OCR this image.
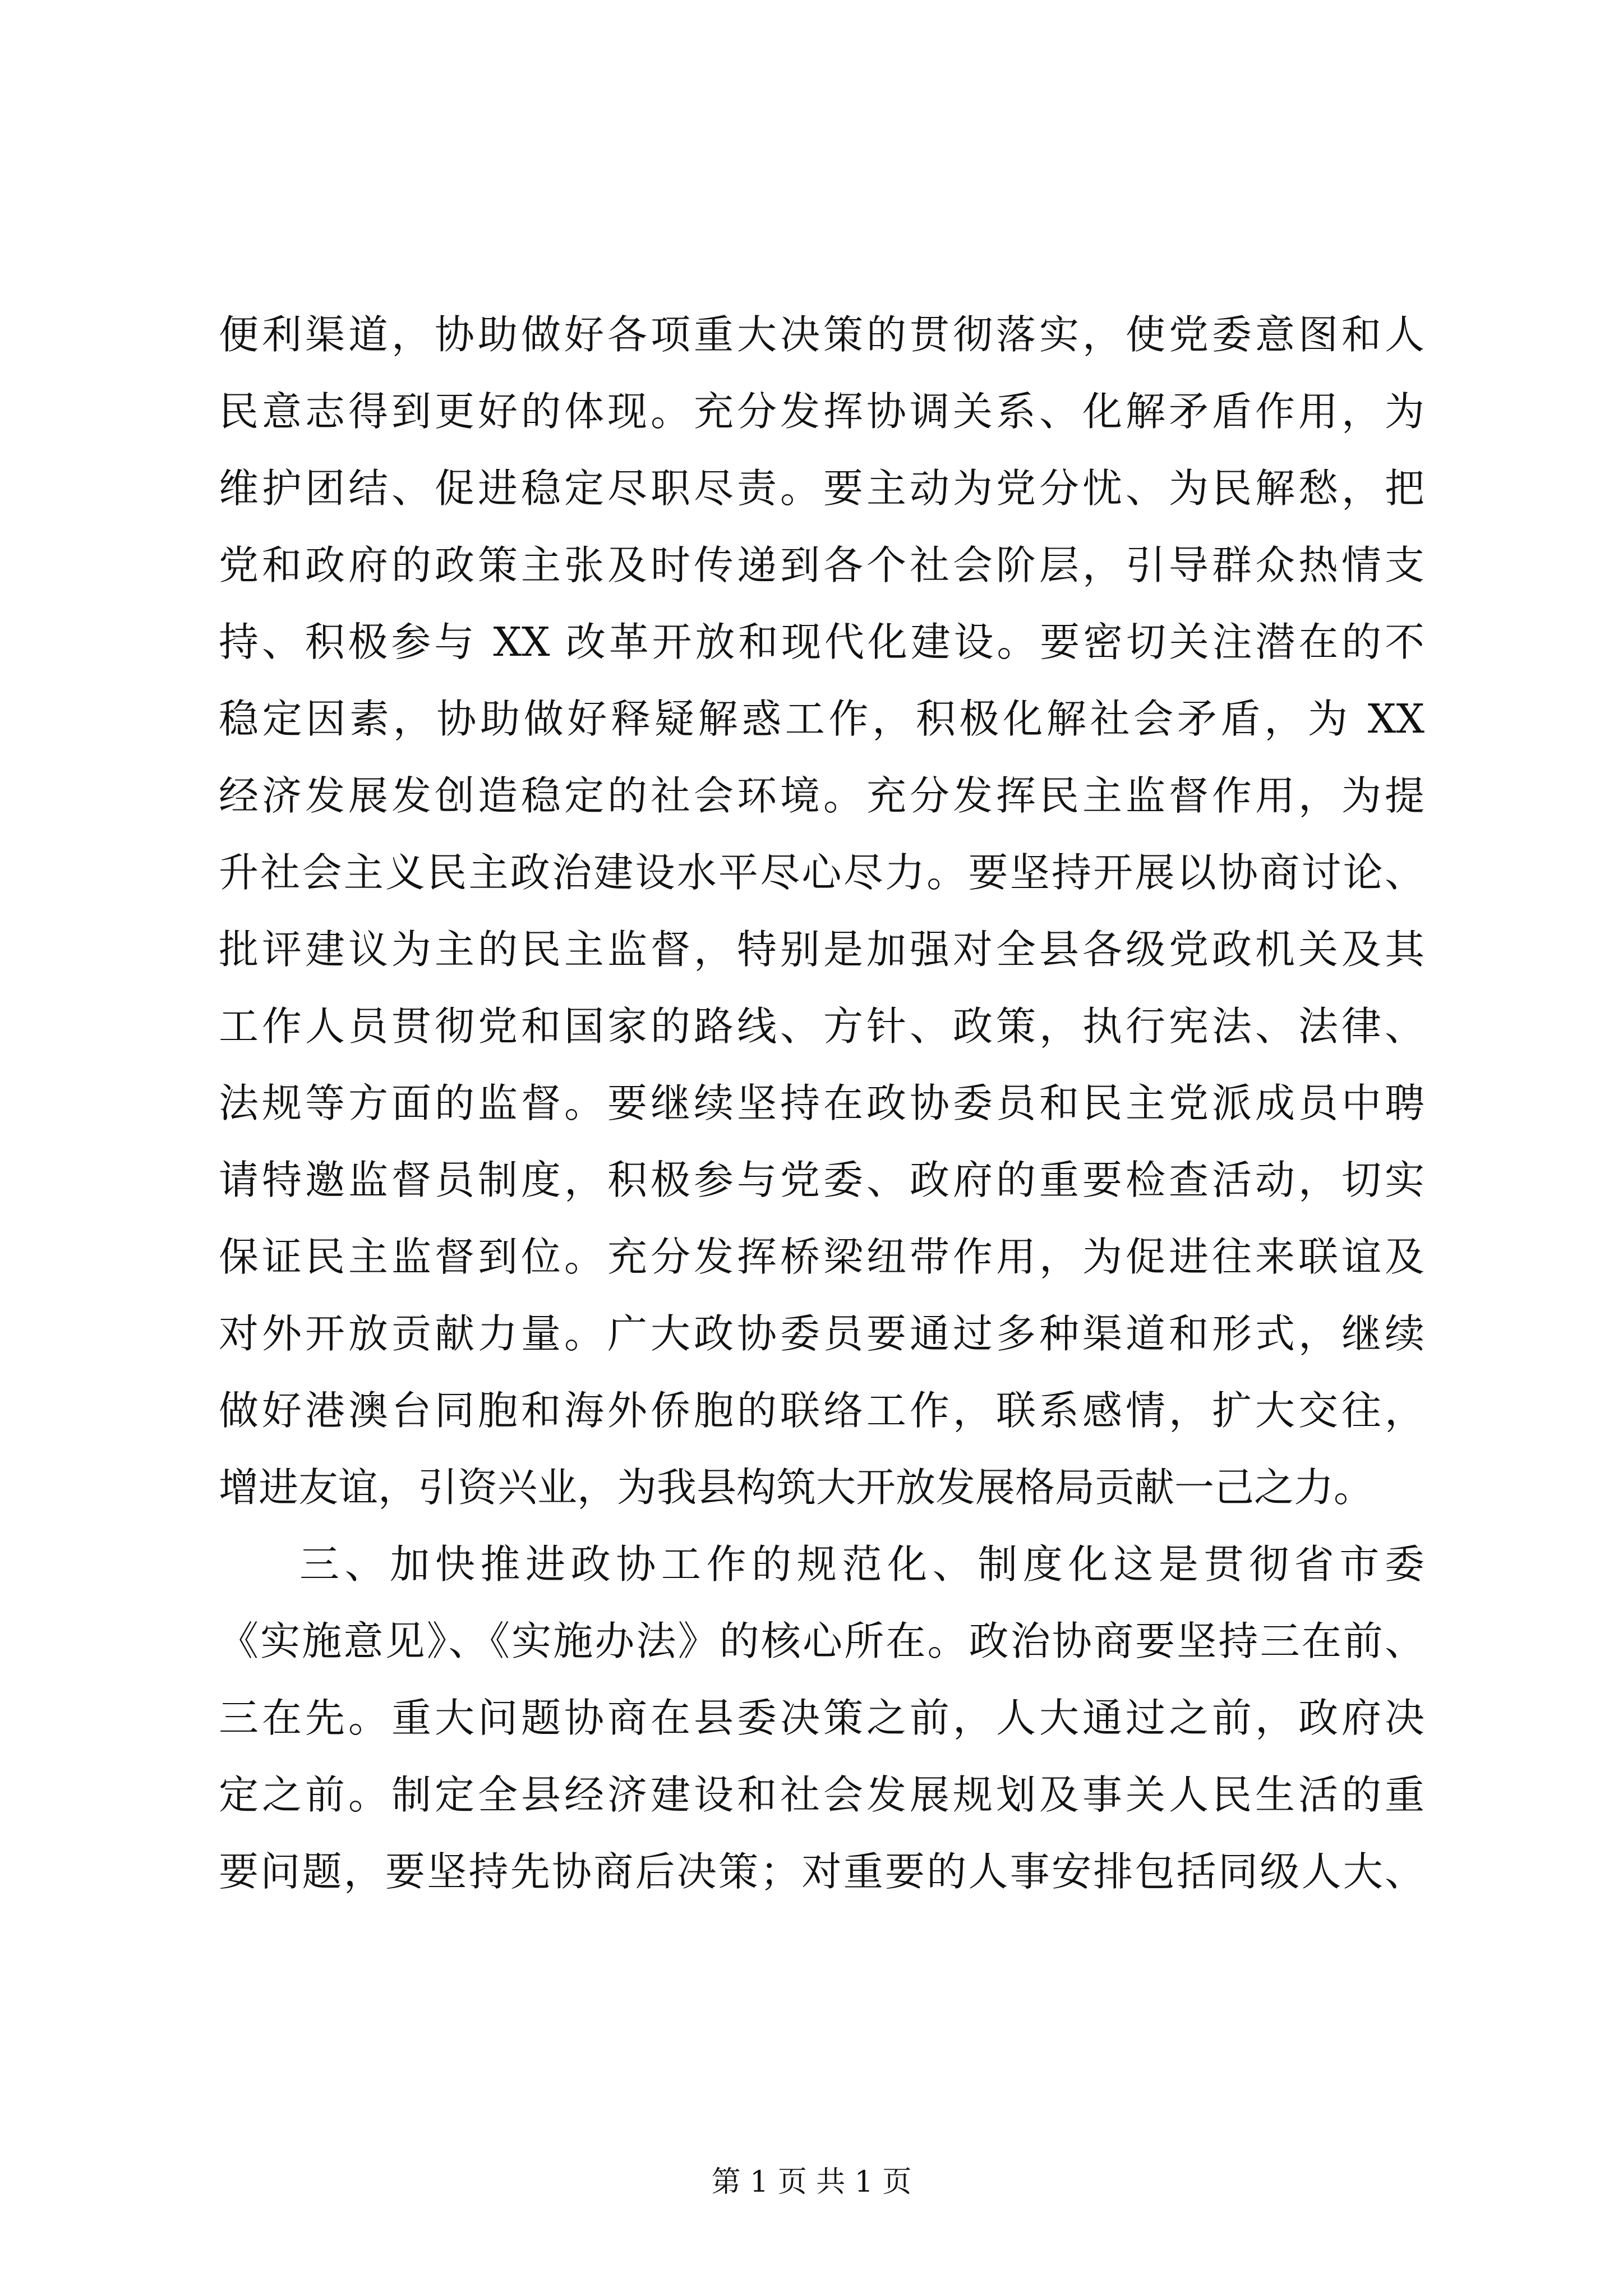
便利渠道，协助做好各项重大决策的贯彻落实，使党委意图和人
民意志得到更好的体现。充分发挥协调关系、化解矛盾作用，为
维护团结、促进稳定尽职尽责。要主动为党分忧、为民解愁，把
党和政府的政策主张及时传递到各个社会阶层，引导群众热情支
持、积极参与 XX 改革开放和现代化建设。要密切关注潜在的不
稳定因素，协助做好释疑解惑工作，积极化解社会矛盾，为 XX
经济发展发创造稳定的社会环境。充分发挥民主监督作用，为提
升社会主义民主政治建设水平尽心尽力。要坚持开展以协商讨论、
批评建议为主的民主监督，特别是加强对全县各级党政机关及其
工作人员贯彻党和国家的路线、方针、政策，执行宪法、法律、
法规等方面的监督。要继续坚持在政协委员和民主党派成员中聘
请特邀监督员制度，积极参与党委、政府的重要检查活动，切实
保证民主监督到位。充分发挥桥梁纽带作用，为促进往来联谊及
对外开放贡献力量。广大政协委员要通过多种渠道和形式，继续
做好港澳台同胞和海外侨胞的联络工作，联系感情，扩大交往，
增进友谊，引资兴业，为我县构筑大开放发展格局贡献一己之力。
三、加快推进政协工作的规范化、制度化这是贯彻省市委
《实施意见》、《实施办法》的核心所在。政治协商要坚持三在前、
三在先。重大问题协商在县委决策之前，人大通过之前，政府决
定之前。制定全县经济建设和社会发展规划及事关人民生活的重
要问题，要坚持先协商后决策；对重要的人事安排包括同级人大、
第 1 页 共 1 页
